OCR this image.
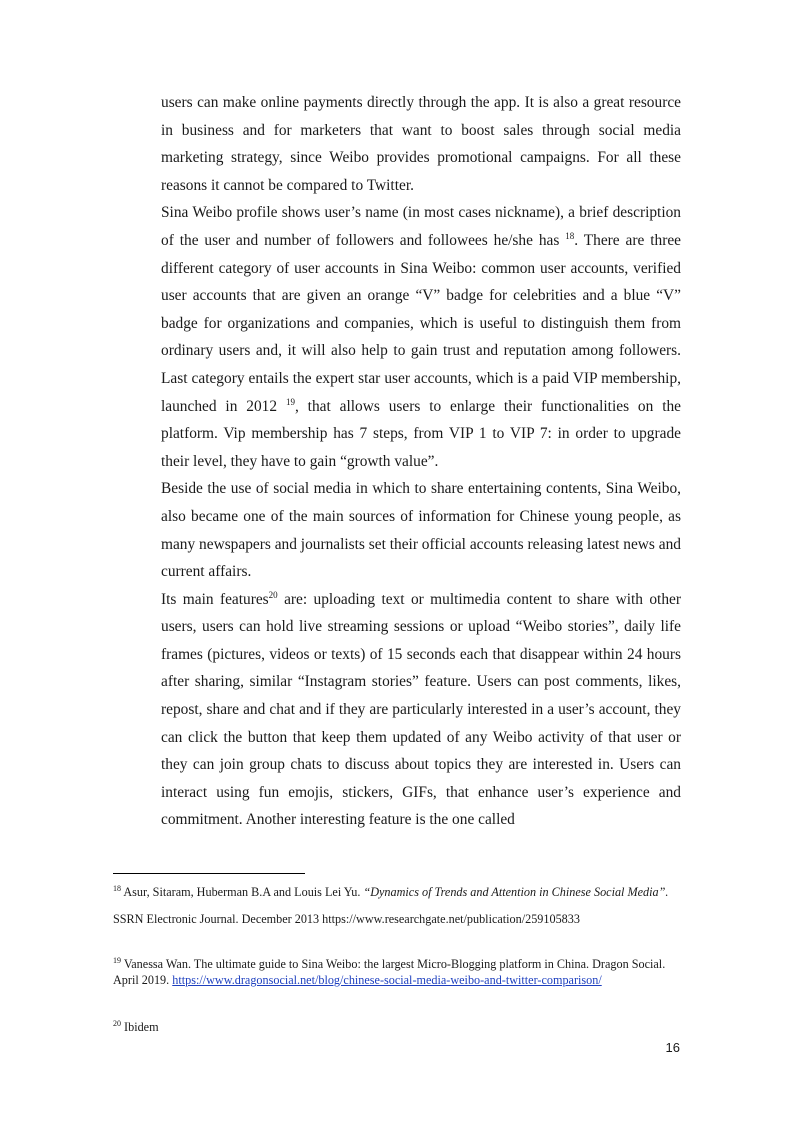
users can make online payments directly through the app. It is also a great resource in business and for marketers that want to boost sales through social media marketing strategy, since Weibo provides promotional campaigns. For all these reasons it cannot be compared to Twitter.

Sina Weibo profile shows user’s name (in most cases nickname), a brief description of the user and number of followers and followees he/she has $^{18}$. There are three different category of user accounts in Sina Weibo: common user accounts, verified user accounts that are given an orange “V” badge for celebrities and a blue “V” badge for organizations and companies, which is useful to distinguish them from ordinary users and, it will also help to gain trust and reputation among followers. Last category entails the expert star user accounts, which is a paid VIP membership, launched in 2012 $^{19}$, that allows users to enlarge their functionalities on the platform. Vip membership has 7 steps, from VIP 1 to VIP 7: in order to upgrade their level, they have to gain “growth value”.

Beside the use of social media in which to share entertaining contents, Sina Weibo, also became one of the main sources of information for Chinese young people, as many newspapers and journalists set their official accounts releasing latest news and current affairs.

Its main features$^{20}$ are: uploading text or multimedia content to share with other users, users can hold live streaming sessions or upload “Weibo stories”, daily life frames (pictures, videos or texts) of 15 seconds each that disappear within 24 hours after sharing, similar “Instagram stories” feature. Users can post comments, likes, repost, share and chat and if they are particularly interested in a user’s account, they can click the button that keep them updated of any Weibo activity of that user or they can join group chats to discuss about topics they are interested in. Users can interact using fun emojis, stickers, GIFs, that enhance user’s experience and commitment. Another interesting feature is the one called

$^{18}$ Asur, Sitaram, Huberman B.A and Louis Lei Yu. “Dynamics of Trends and Attention in Chinese Social Media”. SSRN Electronic Journal. December 2013 https://www.researchgate.net/publication/259105833
$^{19}$ Vanessa Wan. The ultimate guide to Sina Weibo: the largest Micro-Blogging platform in China. Dragon Social. April 2019. https://www.dragonsocial.net/blog/chinese-social-media-weibo-and-twitter-comparison/
$^{20}$ Ibidem
16
